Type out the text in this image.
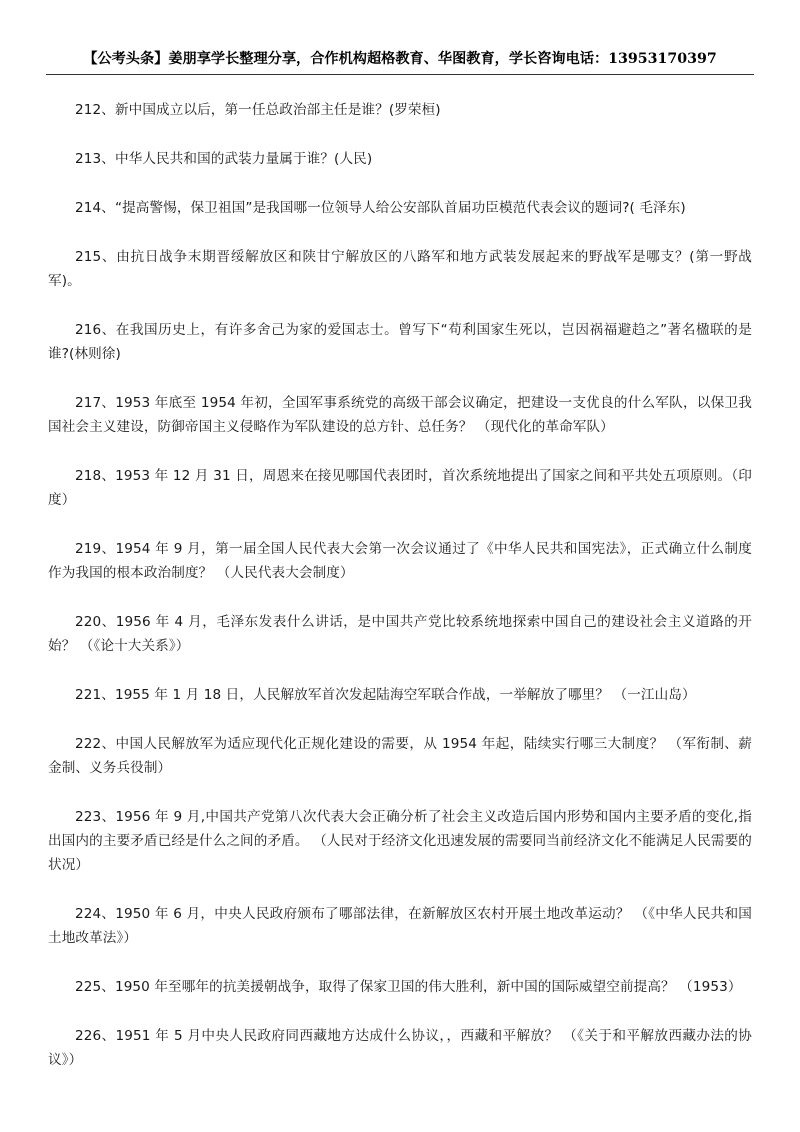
【公考头条】姜朋享学长整理分享，合作机构超格教育、华图教育，学长咨询电话：13953170397

212、新中国成立以后，第一任总政治部主任是谁？(罗荣桓)

213、中华人民共和国的武装力量属于谁？(人民)

214、“提高警惕，保卫祖国”是我国哪一位领导人给公安部队首届功臣模范代表会议的题词?( 毛泽东)

215、由抗日战争末期晋绥解放区和陕甘宁解放区的八路军和地方武装发展起来的野战军是哪支？(第一野战军)。

216、在我国历史上，有许多舍己为家的爱国志士。曾写下“苟利国家生死以，岂因祸福避趋之”著名楹联的是谁?(林则徐)

217、1953 年底至 1954 年初，全国军事系统党的高级干部会议确定，把建设一支优良的什么军队，以保卫我国社会主义建设，防御帝国主义侵略作为军队建设的总方针、总任务？ （现代化的革命军队）

218、1953 年 12 月 31 日，周恩来在接见哪国代表团时，首次系统地提出了国家之间和平共处五项原则。（印度）

219、1954 年 9 月，第一届全国人民代表大会第一次会议通过了《中华人民共和国宪法》，正式确立什么制度作为我国的根本政治制度？ （人民代表大会制度）

220、1956 年 4 月，毛泽东发表什么讲话，是中国共产党比较系统地探索中国自己的建设社会主义道路的开始？ （《论十大关系》）

221、1955 年 1 月 18 日，人民解放军首次发起陆海空军联合作战，一举解放了哪里？ （一江山岛）

222、中国人民解放军为适应现代化正规化建设的需要，从 1954 年起，陆续实行哪三大制度？ （军衔制、薪金制、义务兵役制）

223、1956 年 9 月,中国共产党第八次代表大会正确分析了社会主义改造后国内形势和国内主要矛盾的变化,指出国内的主要矛盾已经是什么之间的矛盾。 （人民对于经济文化迅速发展的需要同当前经济文化不能满足人民需要的状况）

224、1950 年 6 月，中央人民政府颁布了哪部法律，在新解放区农村开展土地改革运动？ （《中华人民共和国土地改革法》）

225、1950 年至哪年的抗美援朝战争，取得了保家卫国的伟大胜利，新中国的国际威望空前提高？ （1953）

226、1951 年 5 月中央人民政府同西藏地方达成什么协议，，西藏和平解放？ （《关于和平解放西藏办法的协议》）
